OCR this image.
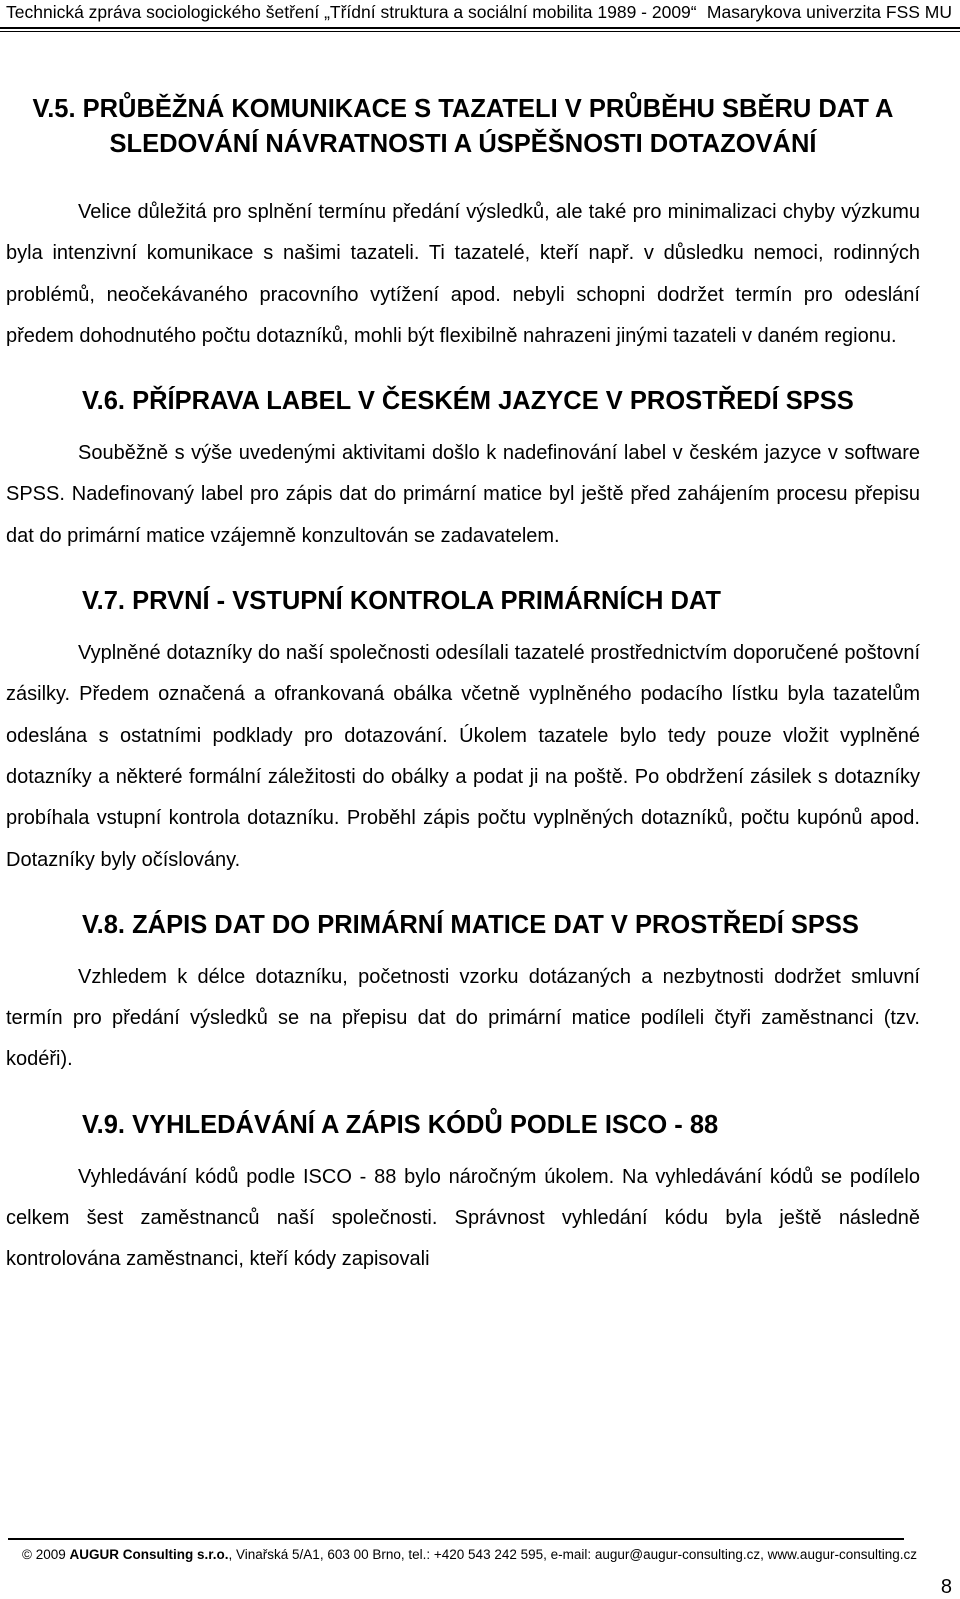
Technická zpráva sociologického šetření „Třídní struktura a sociální mobilita 1989 - 2009“ Masarykova univerzita FSS MU
V.5. PRŮBĚŽNÁ KOMUNIKACE S TAZATELI V PRŮBĚHU SBĚRU DAT A SLEDOVÁNÍ NÁVRATNOSTI A ÚSPĚŠNOSTI DOTAZOVÁNÍ

Velice důležitá pro splnění termínu předání výsledků, ale také pro minimalizaci chyby výzkumu byla intenzivní komunikace s našimi tazateli. Ti tazatelé, kteří např. v důsledku nemoci, rodinných problémů, neočekávaného pracovního vytížení apod. nebyli schopni dodržet termín pro odeslání předem dohodnutého počtu dotazníků, mohli být flexibilně nahrazeni jinými tazateli v daném regionu.

V.6. PŘÍPRAVA LABEL V ČESKÉM JAZYCE V PROSTŘEDÍ SPSS

Souběžně s výše uvedenými aktivitami došlo k nadefinování label v českém jazyce v software SPSS. Nadefinovaný label pro zápis dat do primární matice byl ještě před zahájením procesu přepisu dat do primární matice vzájemně konzultován se zadavatelem.

V.7. PRVNÍ - VSTUPNÍ KONTROLA PRIMÁRNÍCH DAT

Vyplněné dotazníky do naší společnosti odesílali tazatelé prostřednictvím doporučené poštovní zásilky. Předem označená a ofrankovaná obálka včetně vyplněného podacího lístku byla tazatelům odeslána s ostatními podklady pro dotazování. Úkolem tazatele bylo tedy pouze vložit vyplněné dotazníky a některé formální záležitosti do obálky a podat ji na poště. Po obdržení zásilek s dotazníky probíhala vstupní kontrola dotazníku. Proběhl zápis počtu vyplněných dotazníků, počtu kupónů apod. Dotazníky byly očíslovány.

V.8. ZÁPIS DAT DO PRIMÁRNÍ MATICE DAT V PROSTŘEDÍ SPSS

Vzhledem k délce dotazníku, početnosti vzorku dotázaných a nezbytnosti dodržet smluvní termín pro předání výsledků se na přepisu dat do primární matice podíleli čtyři zaměstnanci (tzv. kodéři).

V.9. VYHLEDÁVÁNÍ A ZÁPIS KÓDŮ PODLE ISCO - 88

Vyhledávání kódů podle ISCO - 88 bylo náročným úkolem. Na vyhledávání kódů se podílelo celkem šest zaměstnanců naší společnosti. Správnost vyhledání kódu byla ještě následně kontrolována zaměstnanci, kteří kódy zapisovali

© 2009 AUGUR Consulting s.r.o., Vinařská 5/A1, 603 00 Brno, tel.: +420 543 242 595, e-mail: augur@augur-consulting.cz, www.augur-consulting.cz
8
